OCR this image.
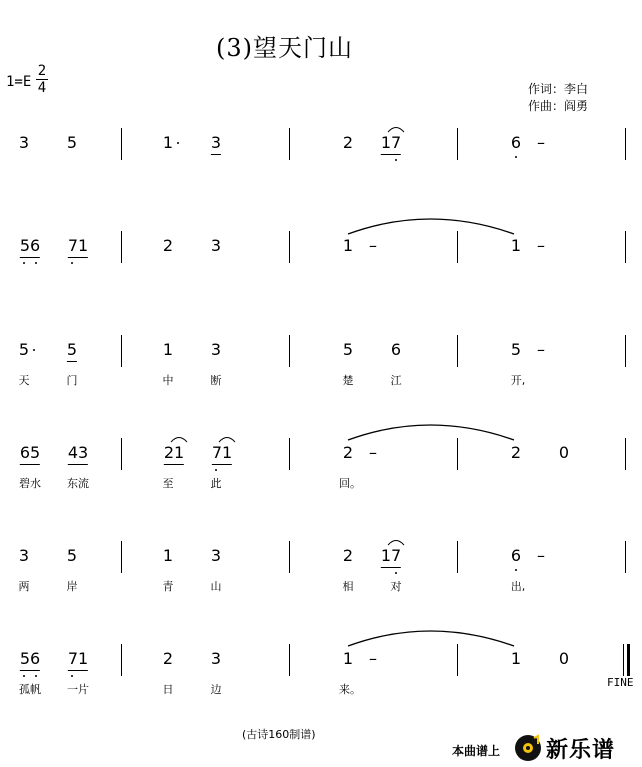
(3)望天门山
1=E
2
4	作词：李白
作曲：阎勇
3 5	1 3	2 17	6 –
56 71	2 3	1 –	1 –
5 5	1 3	5 6	5 –
天	门	中	断	楚	江	开,
65 43	21 71	2 –	2 0
碧水 东流	至	此	回。
3 5	1 3	2 17	6 –
两	岸	青	山	相	对	出,
56 71	2 3	1 –	1 0
孤帆 一片	日	边	来。
FINE
(古诗160制谱)
本曲谱上 新乐谱
